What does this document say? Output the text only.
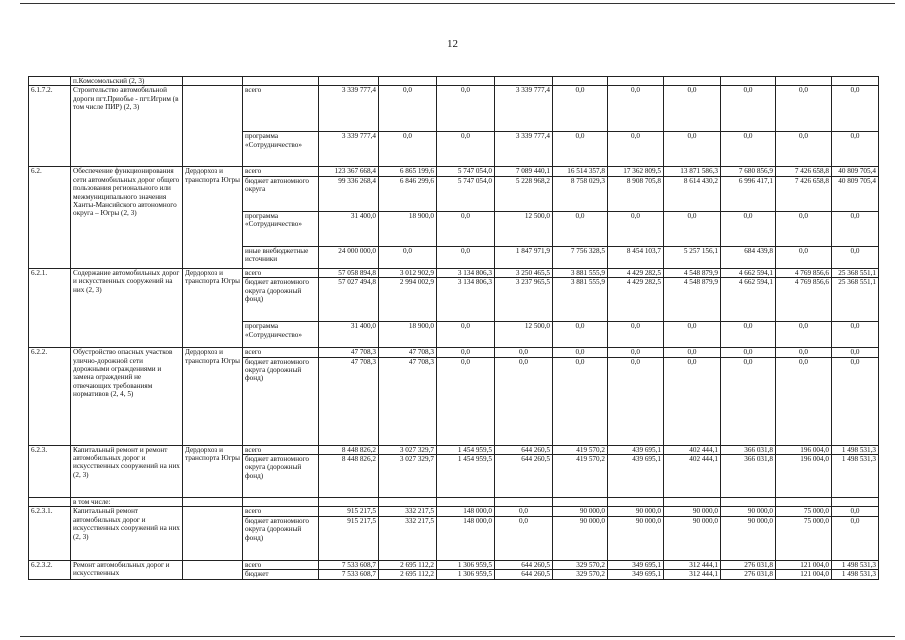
12
	п.Комсомольский (2, 3)												
6.1.7.2.	Строительство автомобильной дороги пгт.Приобье - пгт.Игрим (в том числе ПИР) (2, 3)		всего	3 339 777,4	0,0	0,0	3 339 777,4	0,0	0,0	0,0	0,0	0,0	0,0
			программа «Сотрудничество»	3 339 777,4	0,0	0,0	3 339 777,4	0,0	0,0	0,0	0,0	0,0	0,0
6.2.	Обеспечение функционирования сети автомобильных дорог общего пользования регионального или межмуниципального значения Ханты-Мансийского автономного округа – Югры (2, 3)	Дердорхоз и транспорта Югры	всего	123 367 668,4	6 865 199,6	5 747 054,0	7 089 440,1	16 514 357,8	17 362 809,5	13 871 586,3	7 680 856,9	7 426 658,8	40 809 705,4
			бюджет автономного округа	99 336 268,4	6 846 299,6	5 747 054,0	5 228 968,2	8 758 029,3	8 908 705,8	8 614 430,2	6 996 417,1	7 426 658,8	40 809 705,4
			программа «Сотрудничество»	31 400,0	18 900,0	0,0	12 500,0	0,0	0,0	0,0	0,0	0,0	0,0
			иные внебюджетные источники	24 000 000,0	0,0	0,0	1 847 971,9	7 756 328,5	8 454 103,7	5 257 156,1	684 439,8	0,0	0,0
6.2.1.	Содержание автомобильных дорог и искусственных сооружений на них (2, 3)	Дердорхоз и транспорта Югры	всего	57 058 894,8	3 012 902,9	3 134 806,3	3 250 465,5	3 881 555,9	4 429 282,5	4 548 879,9	4 662 594,1	4 769 856,6	25 368 551,1
			бюджет автономного округа (дорожный фонд)	57 027 494,8	2 994 002,9	3 134 806,3	3 237 965,5	3 881 555,9	4 429 282,5	4 548 879,9	4 662 594,1	4 769 856,6	25 368 551,1
			программа «Сотрудничество»	31 400,0	18 900,0	0,0	12 500,0	0,0	0,0	0,0	0,0	0,0	0,0
6.2.2.	Обустройство опасных участков улично-дорожной сети дорожными ограждениями и замена ограждений не отвечающих требованиям нормативов (2, 4, 5)	Дердорхоз и транспорта Югры	всего	47 708,3	47 708,3	0,0	0,0	0,0	0,0	0,0	0,0	0,0	0,0
			бюджет автономного округа (дорожный фонд)	47 708,3	47 708,3	0,0	0,0	0,0	0,0	0,0	0,0	0,0	0,0
6.2.3.	Капитальный ремонт и ремонт автомобильных дорог и искусственных сооружений на них (2, 3)	Дердорхоз и транспорта Югры	всего	8 448 826,2	3 027 329,7	1 454 959,5	644 260,5	419 570,2	439 695,1	402 444,1	366 031,8	196 004,0	1 498 531,3
			бюджет автономного округа (дорожный фонд)	8 448 826,2	3 027 329,7	1 454 959,5	644 260,5	419 570,2	439 695,1	402 444,1	366 031,8	196 004,0	1 498 531,3
	в том числе:												
6.2.3.1.	Капитальный ремонт автомобильных дорог и искусственных сооружений на них (2, 3)		всего	915 217,5	332 217,5	148 000,0	0,0	90 000,0	90 000,0	90 000,0	90 000,0	75 000,0	0,0
			бюджет автономного округа (дорожный фонд)	915 217,5	332 217,5	148 000,0	0,0	90 000,0	90 000,0	90 000,0	90 000,0	75 000,0	0,0
6.2.3.2.	Ремонт автомобильных дорог и искусственных		всего	7 533 608,7	2 695 112,2	1 306 959,5	644 260,5	329 570,2	349 695,1	312 444,1	276 031,8	121 004,0	1 498 531,3
			бюджет	7 533 608,7	2 695 112,2	1 306 959,5	644 260,5	329 570,2	349 695,1	312 444,1	276 031,8	121 004,0	1 498 531,3
